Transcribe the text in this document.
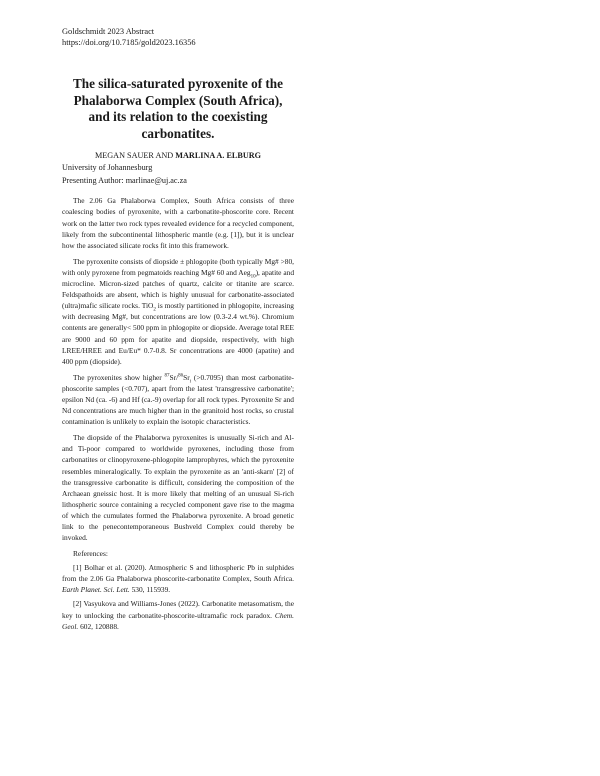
Goldschmidt 2023 Abstract
https://doi.org/10.7185/gold2023.16356
The silica-saturated pyroxenite of the Phalaborwa Complex (South Africa), and its relation to the coexisting carbonatites.
MEGAN SAUER AND MARLINA A. ELBURG
University of Johannesburg
Presenting Author: marlinae@uj.ac.za

The 2.06 Ga Phalaborwa Complex, South Africa consists of three coalescing bodies of pyroxenite, with a carbonatite-phoscorite core. Recent work on the latter two rock types revealed evidence for a recycled component, likely from the subcontinental lithospheric mantle (e.g. [1]), but it is unclear how the associated silicate rocks fit into this framework.

The pyroxenite consists of diopside ± phlogopite (both typically Mg# >80, with only pyroxene from pegmatoids reaching Mg# 60 and Aeg$_{10}$), apatite and microcline. Micron-sized patches of quartz, calcite or titanite are scarce. Feldspathoids are absent, which is highly unusual for carbonatite-associated (ultra)mafic silicate rocks. TiO$_2$ is mostly partitioned in phlogopite, increasing with decreasing Mg#, but concentrations are low (0.3-2.4 wt.%). Chromium contents are generally< 500 ppm in phlogopite or diopside. Average total REE are 9000 and 60 ppm for apatite and diopside, respectively, with high LREE/HREE and Eu/Eu* 0.7-0.8. Sr concentrations are 4000 (apatite) and 400 ppm (diopside).

The pyroxenites show higher $^{87}Sr/^{86}Sr_i$ (>0.7095) than most carbonatite-phoscorite samples (<0.707), apart from the latest 'transgressive carbonatite'; epsilon Nd (ca. -6) and Hf (ca.-9) overlap for all rock types. Pyroxenite Sr and Nd concentrations are much higher than in the granitoid host rocks, so crustal contamination is unlikely to explain the isotopic characteristics.

The diopside of the Phalaborwa pyroxenites is unusually Si-rich and Al- and Ti-poor compared to worldwide pyroxenes, including those from carbonatites or clinopyroxene-phlogopite lamprophyres, which the pyroxenite resembles mineralogically. To explain the pyroxenite as an 'anti-skarn' [2] of the transgressive carbonatite is difficult, considering the composition of the Archaean gneissic host. It is more likely that melting of an unusual Si-rich lithospheric source containing a recycled component gave rise to the magma of which the cumulates formed the Phalaborwa pyroxenite. A broad genetic link to the penecontemporaneous Bushveld Complex could thereby be invoked.

References:
[1] Bolhar et al. (2020). Atmospheric S and lithospheric Pb in sulphides from the 2.06 Ga Phalaborwa phoscorite-carbonatite Complex, South Africa. Earth Planet. Sci. Lett. 530, 115939.
[2] Vasyukova and Williams-Jones (2022). Carbonatite metasomatism, the key to unlocking the carbonatite-phoscorite-ultramafic rock paradox. Chem. Geol. 602, 120888.
